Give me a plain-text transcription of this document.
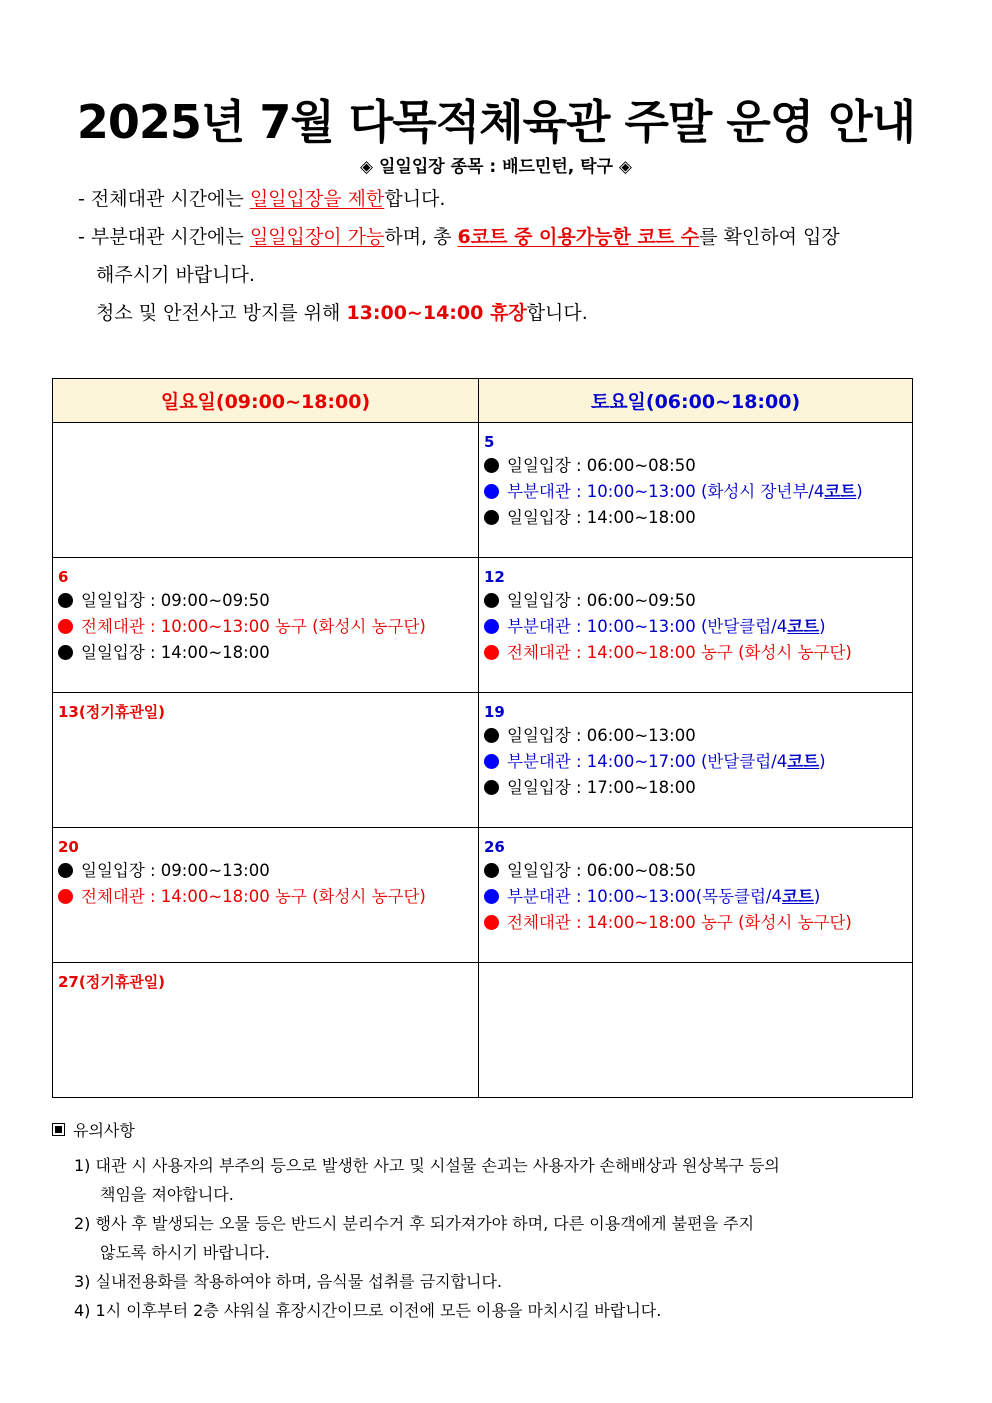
2025년 7월 다목적체육관 주말 운영 안내
◈ 일일입장 종목 : 배드민턴, 탁구 ◈
- 전체대관 시간에는 일일입장을 제한합니다.
- 부분대관 시간에는 일일입장이 가능하며, 총 6코트 중 이용가능한 코트 수를 확인하여 입장
해주시기 바랍니다.
청소 및 안전사고 방지를 위해 13:00~14:00 휴장합니다.
일요일(09:00~18:00)	토요일(06:00~18:00)

	5
일일입장 : 06:00~08:50
부분대관 : 10:00~13:00 (화성시 장년부/4코트)
일일입장 : 14:00~18:00

6
일일입장 : 09:00~09:50
전체대관 : 10:00~13:00 농구 (화성시 농구단)
일일입장 : 14:00~18:00	12
일일입장 : 06:00~09:50
부분대관 : 10:00~13:00 (반달클럽/4코트)
전체대관 : 14:00~18:00 농구 (화성시 농구단)

13(정기휴관일)	19
일일입장 : 06:00~13:00
부분대관 : 14:00~17:00 (반달클럽/4코트)
일일입장 : 17:00~18:00

20
일일입장 : 09:00~13:00
전체대관 : 14:00~18:00 농구 (화성시 농구단)	26
일일입장 : 06:00~08:50
부분대관 : 10:00~13:00(목동클럽/4코트)
전체대관 : 14:00~18:00 농구 (화성시 농구단)

27(정기휴관일)	

유의사항
1) 대관 시 사용자의 부주의 등으로 발생한 사고 및 시설물 손괴는 사용자가 손해배상과 원상복구 등의
책임을 져야합니다.
2) 행사 후 발생되는 오물 등은 반드시 분리수거 후 되가져가야 하며, 다른 이용객에게 불편을 주지
않도록 하시기 바랍니다.
3) 실내전용화를 착용하여야 하며, 음식물 섭취를 금지합니다.
4) 1시 이후부터 2층 샤워실 휴장시간이므로 이전에 모든 이용을 마치시길 바랍니다.
